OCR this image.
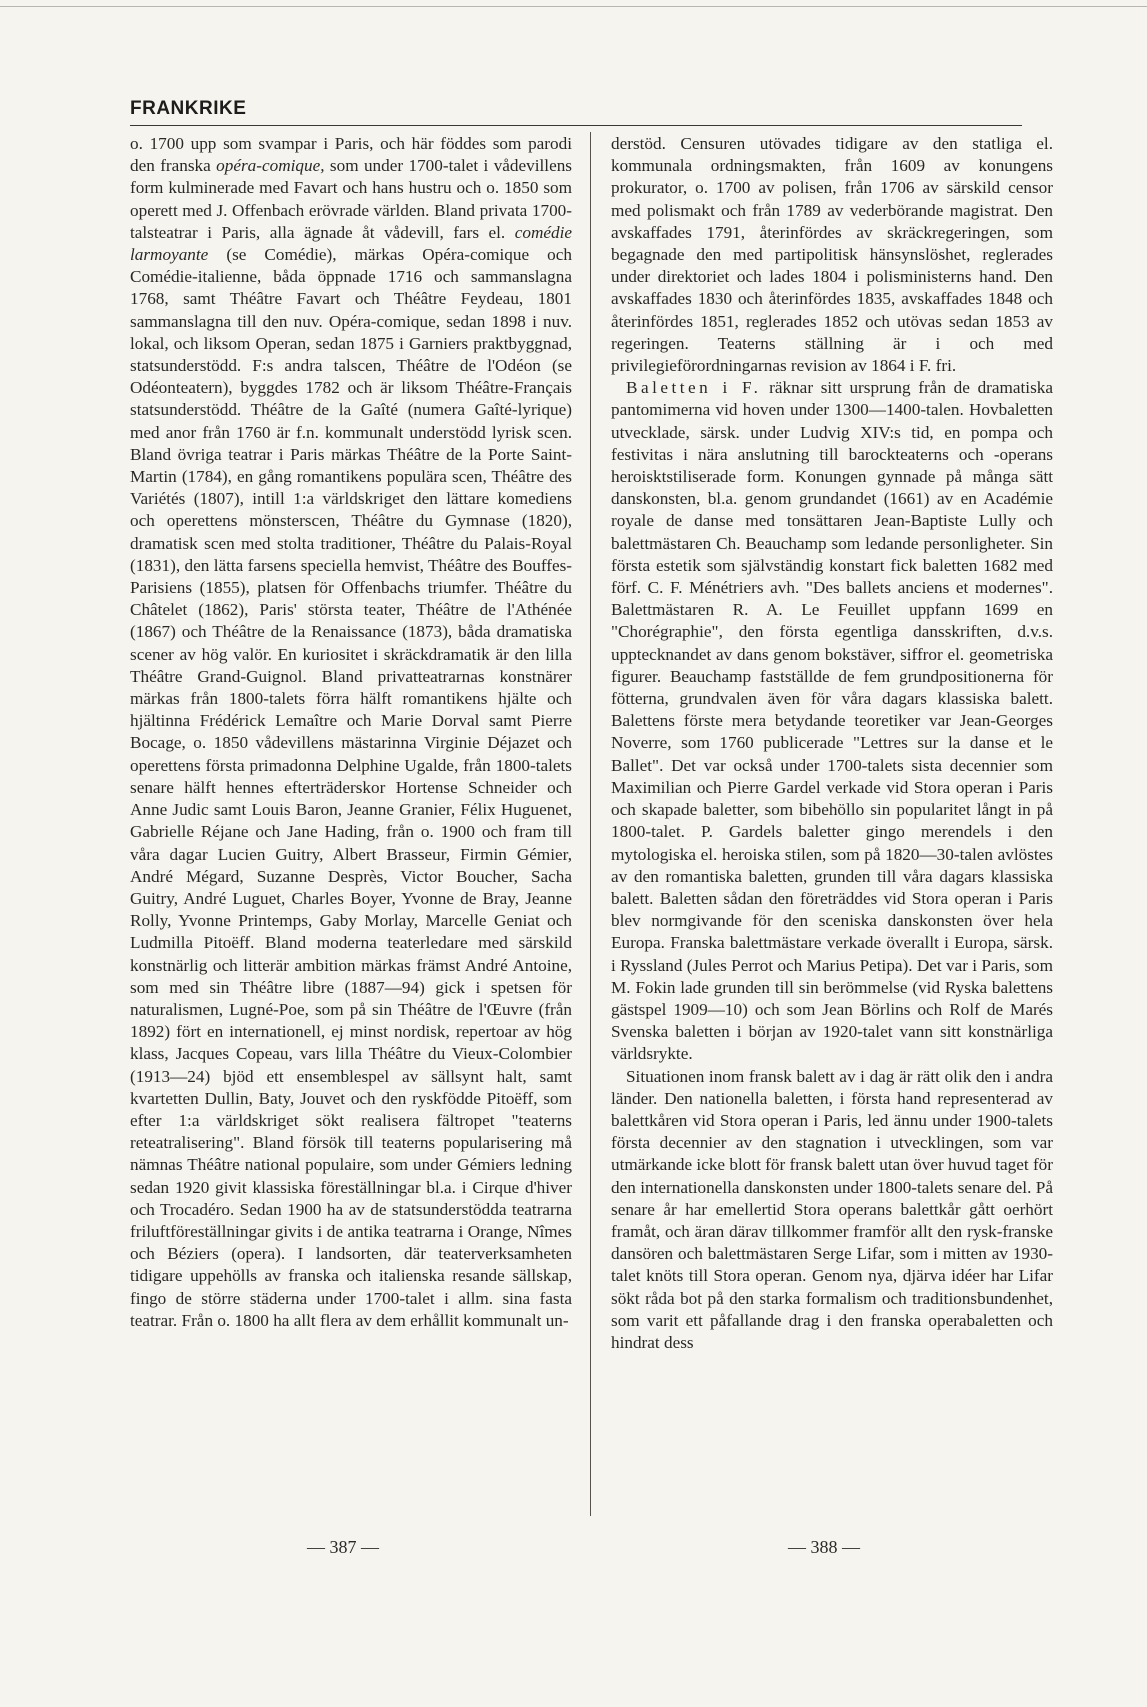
FRANKRIKE

o. 1700 upp som svampar i Paris, och här föddes som parodi den franska opéra-comique, som under 1700-talet i vådevillens form kulminerade med Favart och hans hustru och o. 1850 som operett med J. Offenbach erövrade världen. Bland privata 1700-talsteatrar i Paris, alla ägnade åt vådevill, fars el. comédie larmoyante (se Comédie), märkas Opéra-comique och Comédie-italienne, båda öppnade 1716 och sammanslagna 1768, samt Théâtre Favart och Théâtre Feydeau, 1801 sammanslagna till den nuv. Opéra-comique, sedan 1898 i nuv. lokal, och liksom Operan, sedan 1875 i Garniers praktbyggnad, statsunderstödd. F:s andra talscen, Théâtre de l'Odéon (se Odéonteatern), byggdes 1782 och är liksom Théâtre-Français statsunderstödd. Théâtre de la Gaîté (numera Gaîté-lyrique) med anor från 1760 är f.n. kommunalt understödd lyrisk scen. Bland övriga teatrar i Paris märkas Théâtre de la Porte Saint-Martin (1784), en gång romantikens populära scen, Théâtre des Variétés (1807), intill 1:a världskriget den lättare komediens och operettens mönsterscen, Théâtre du Gymnase (1820), dramatisk scen med stolta traditioner, Théâtre du Palais-Royal (1831), den lätta farsens speciella hemvist, Théâtre des Bouffes-Parisiens (1855), platsen för Offenbachs triumfer. Théâtre du Châtelet (1862), Paris' största teater, Théâtre de l'Athénée (1867) och Théâtre de la Renaissance (1873), båda dramatiska scener av hög valör. En kuriositet i skräckdramatik är den lilla Théâtre Grand-Guignol. Bland privatteatrarnas konstnärer märkas från 1800-talets förra hälft romantikens hjälte och hjältinna Frédérick Lemaître och Marie Dorval samt Pierre Bocage, o. 1850 vådevillens mästarinna Virginie Déjazet och operettens första primadonna Delphine Ugalde, från 1800-talets senare hälft hennes efterträderskor Hortense Schneider och Anne Judic samt Louis Baron, Jeanne Granier, Félix Huguenet, Gabrielle Réjane och Jane Hading, från o. 1900 och fram till våra dagar Lucien Guitry, Albert Brasseur, Firmin Gémier, André Mégard, Suzanne Desprès, Victor Boucher, Sacha Guitry, André Luguet, Charles Boyer, Yvonne de Bray, Jeanne Rolly, Yvonne Printemps, Gaby Morlay, Marcelle Geniat och Ludmilla Pitoëff. Bland moderna teaterledare med särskild konstnärlig och litterär ambition märkas främst André Antoine, som med sin Théâtre libre (1887—94) gick i spetsen för naturalismen, Lugné-Poe, som på sin Théâtre de l'Œuvre (från 1892) fört en internationell, ej minst nordisk, repertoar av hög klass, Jacques Copeau, vars lilla Théâtre du Vieux-Colombier (1913—24) bjöd ett ensemblespel av sällsynt halt, samt kvartetten Dullin, Baty, Jouvet och den ryskfödde Pitoëff, som efter 1:a världskriget sökt realisera fältropet "teaterns reteatralisering". Bland försök till teaterns popularisering må nämnas Théâtre national populaire, som under Gémiers ledning sedan 1920 givit klassiska föreställningar bl.a. i Cirque d'hiver och Trocadéro. Sedan 1900 ha av de statsunderstödda teatrarna friluftföreställningar givits i de antika teatrarna i Orange, Nîmes och Béziers (opera). I landsorten, där teaterverksamheten tidigare uppehölls av franska och italienska resande sällskap, fingo de större städerna under 1700-talet i allm. sina fasta teatrar. Från o. 1800 ha allt flera av dem erhållit kommunalt un-

derstöd. Censuren utövades tidigare av den statliga el. kommunala ordningsmakten, från 1609 av konungens prokurator, o. 1700 av polisen, från 1706 av särskild censor med polismakt och från 1789 av vederbörande magistrat. Den avskaffades 1791, återinfördes av skräckregeringen, som begagnade den med partipolitisk hänsynslöshet, reglerades under direktoriet och lades 1804 i polisministerns hand. Den avskaffades 1830 och återinfördes 1835, avskaffades 1848 och återinfördes 1851, reglerades 1852 och utövas sedan 1853 av regeringen. Teaterns ställning är i och med privilegieförordningarnas revision av 1864 i F. fri.

Baletten i F. räknar sitt ursprung från de dramatiska pantomimerna vid hoven under 1300—1400-talen. Hovbaletten utvecklade, särsk. under Ludvig XIV:s tid, en pompa och festivitas i nära anslutning till barockteaterns och -operans heroisktstiliserade form. Konungen gynnade på många sätt danskonsten, bl.a. genom grundandet (1661) av en Académie royale de danse med tonsättaren Jean-Baptiste Lully och balettmästaren Ch. Beauchamp som ledande personligheter. Sin första estetik som självständig konstart fick baletten 1682 med förf. C. F. Ménétriers avh. "Des ballets anciens et modernes". Balettmästaren R. A. Le Feuillet uppfann 1699 en "Chorégraphie", den första egentliga dansskriften, d.v.s. upptecknandet av dans genom bokstäver, siffror el. geometriska figurer. Beauchamp fastställde de fem grundpositionerna för fötterna, grundvalen även för våra dagars klassiska balett. Balettens förste mera betydande teoretiker var Jean-Georges Noverre, som 1760 publicerade "Lettres sur la danse et le Ballet". Det var också under 1700-talets sista decennier som Maximilian och Pierre Gardel verkade vid Stora operan i Paris och skapade baletter, som bibehöllo sin popularitet långt in på 1800-talet. P. Gardels baletter gingo merendels i den mytologiska el. heroiska stilen, som på 1820—30-talen avlöstes av den romantiska baletten, grunden till våra dagars klassiska balett. Baletten sådan den företräddes vid Stora operan i Paris blev normgivande för den sceniska danskonsten över hela Europa. Franska balettmästare verkade överallt i Europa, särsk. i Ryssland (Jules Perrot och Marius Petipa). Det var i Paris, som M. Fokin lade grunden till sin berömmelse (vid Ryska balettens gästspel 1909—10) och som Jean Börlins och Rolf de Marés Svenska baletten i början av 1920-talet vann sitt konstnärliga världsrykte.

Situationen inom fransk balett av i dag är rätt olik den i andra länder. Den nationella baletten, i första hand representerad av balettkåren vid Stora operan i Paris, led ännu under 1900-talets första decennier av den stagnation i utvecklingen, som var utmärkande icke blott för fransk balett utan över huvud taget för den internationella danskonsten under 1800-talets senare del. På senare år har emellertid Stora operans balettkår gått oerhört framåt, och äran därav tillkommer framför allt den rysk-franske dansören och balettmästaren Serge Lifar, som i mitten av 1930-talet knöts till Stora operan. Genom nya, djärva idéer har Lifar sökt råda bot på den starka formalism och traditionsbundenhet, som varit ett påfallande drag i den franska operabaletten och hindrat dess

— 387 —	— 388 —
